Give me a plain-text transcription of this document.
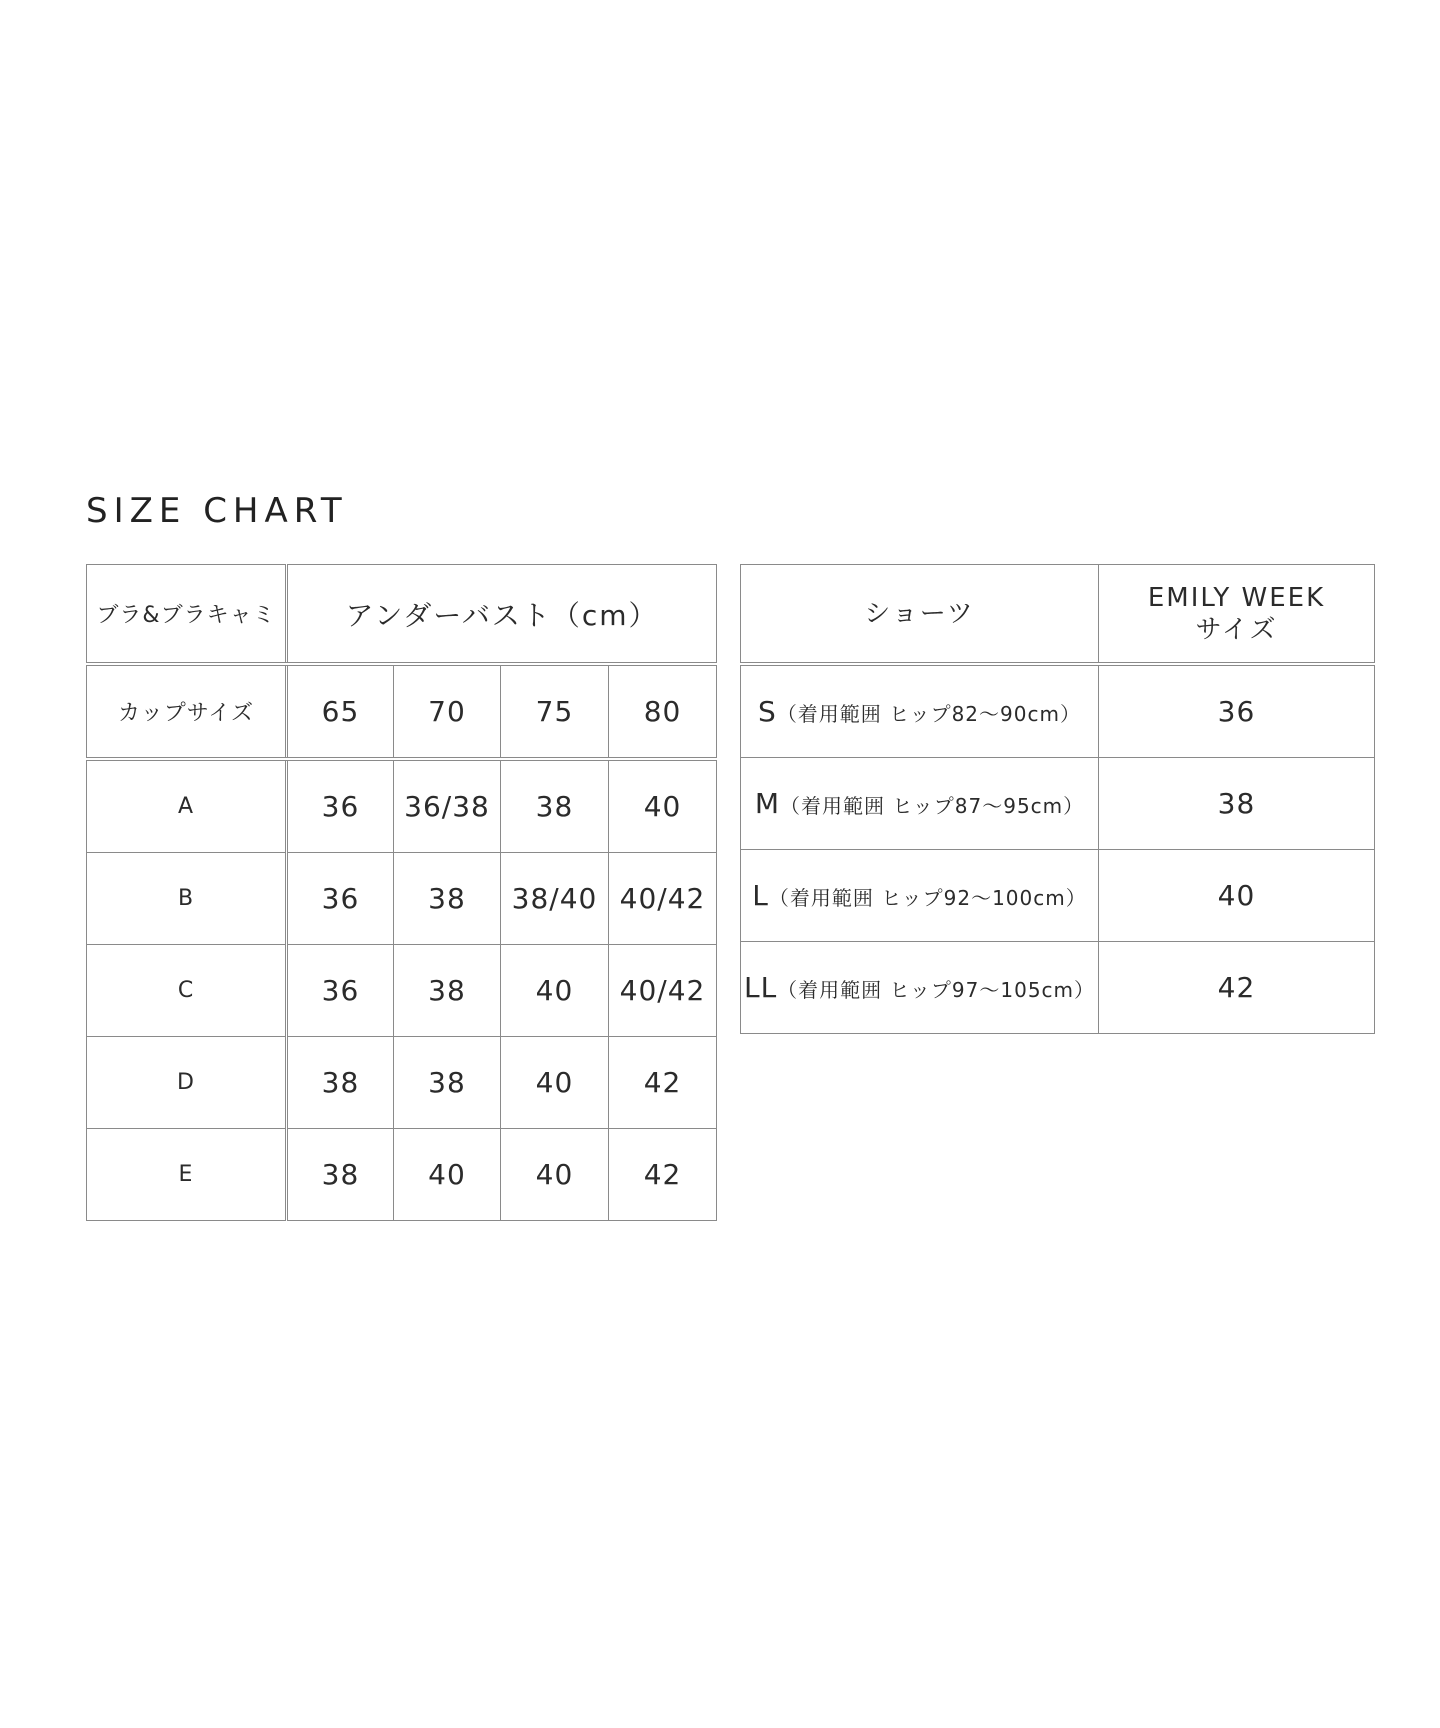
SIZE CHART
ブラ&ブラキャミ	アンダーバスト（cm）			
カップサイズ	65	70	75	80
A	36	36/38	38	40
B	36	38	38/40	40/42
C	36	38	40	40/42
D	38	38	40	42
E	38	40	40	42
ショーツ	EMILY WEEK
サイズ

S（着用範囲 ヒップ82〜90cm）	36
M（着用範囲 ヒップ87〜95cm）	38
L（着用範囲 ヒップ92〜100cm）	40
LL（着用範囲 ヒップ97〜105cm）	42
